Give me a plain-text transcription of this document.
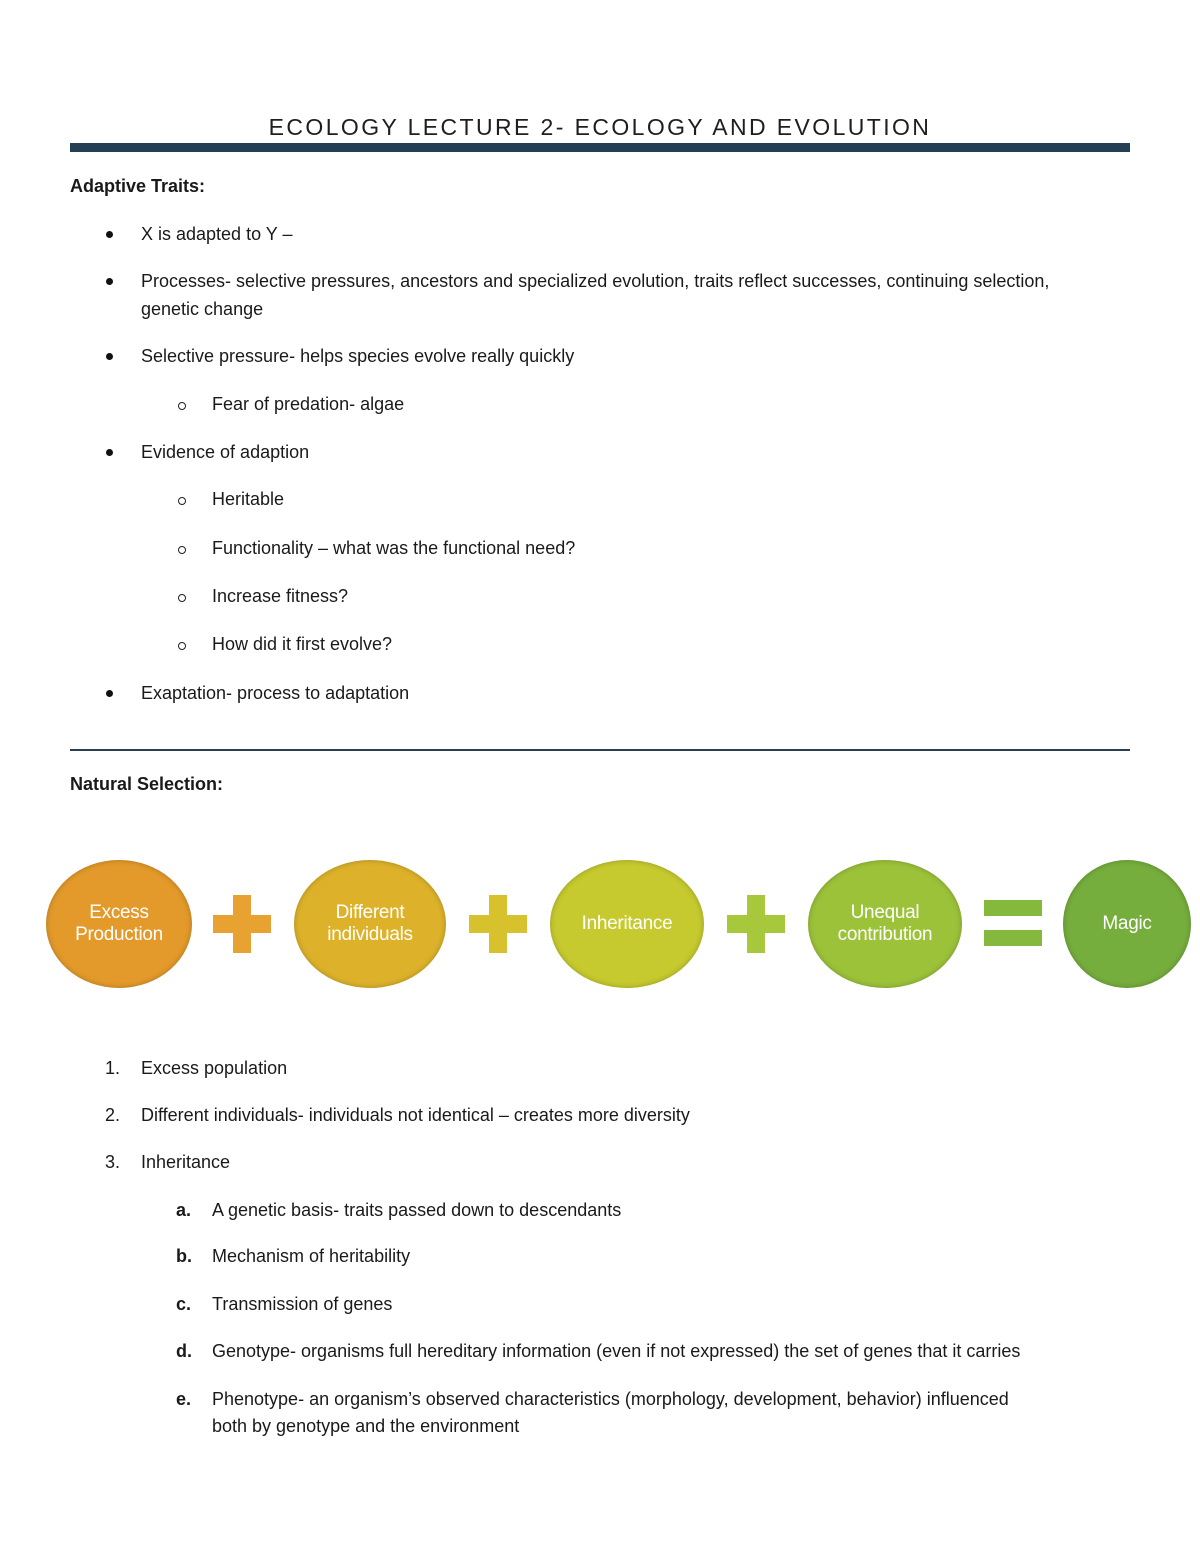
ECOLOGY LECTURE 2- ECOLOGY AND EVOLUTION
Adaptive Traits:
X is adapted to Y –
Processes- selective pressures, ancestors and specialized evolution, traits reflect successes, continuing selection,
genetic change
Selective pressure- helps species evolve really quickly
Fear of predation- algae
Evidence of adaption
Heritable
Functionality – what was the functional need?
Increase fitness?
How did it first evolve?
Exaptation- process to adaptation
Natural Selection:
Excess
Production
Different
individuals
Inheritance
Unequal
contribution
Magic
1. Excess population
2. Different individuals- individuals not identical – creates more diversity
3. Inheritance
a. A genetic basis- traits passed down to descendants
b. Mechanism of heritability
c. Transmission of genes
d. Genotype- organisms full hereditary information (even if not expressed) the set of genes that it carries
e. Phenotype- an organism’s observed characteristics (morphology, development, behavior) influenced
both by genotype and the environment
